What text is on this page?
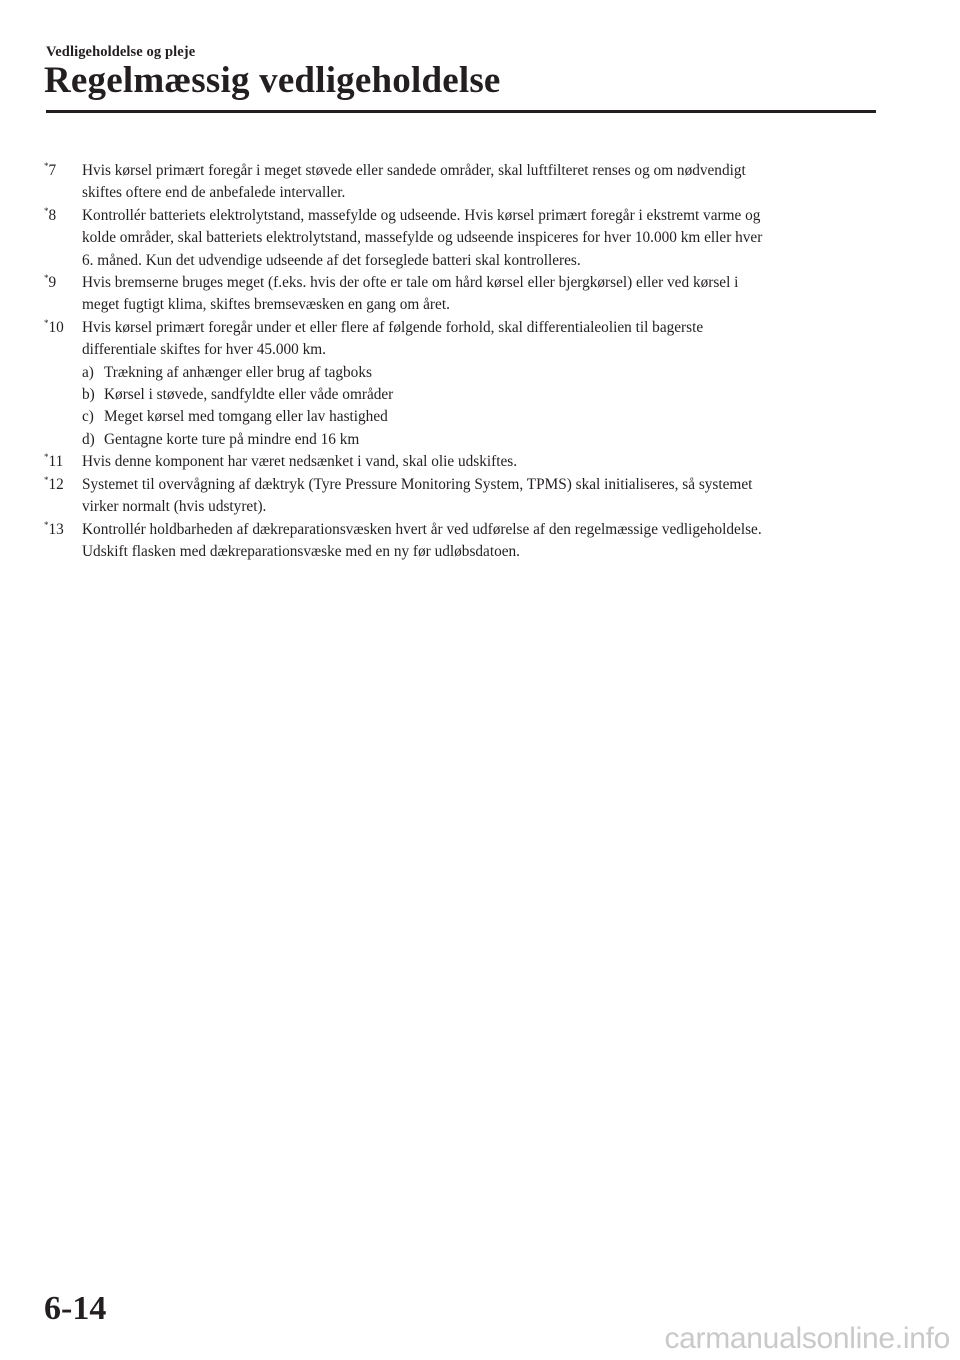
Vedligeholdelse og pleje
Regelmæssig vedligeholdelse
*7 Hvis kørsel primært foregår i meget støvede eller sandede områder, skal luftfilteret renses og om nødvendigt
skiftes oftere end de anbefalede intervaller.
*8 Kontrollér batteriets elektrolytstand, massefylde og udseende. Hvis kørsel primært foregår i ekstremt varme og
kolde områder, skal batteriets elektrolytstand, massefylde og udseende inspiceres for hver 10.000 km eller hver
6. måned. Kun det udvendige udseende af det forseglede batteri skal kontrolleres.
*9 Hvis bremserne bruges meget (f.eks. hvis der ofte er tale om hård kørsel eller bjergkørsel) eller ved kørsel i
meget fugtigt klima, skiftes bremsevæsken en gang om året.
*10 Hvis kørsel primært foregår under et eller flere af følgende forhold, skal differentialeolien til bagerste
differentiale skiftes for hver 45.000 km.
a) Trækning af anhænger eller brug af tagboks
b) Kørsel i støvede, sandfyldte eller våde områder
c) Meget kørsel med tomgang eller lav hastighed
d) Gentagne korte ture på mindre end 16 km
*11 Hvis denne komponent har været nedsænket i vand, skal olie udskiftes.
*12 Systemet til overvågning af dæktryk (Tyre Pressure Monitoring System, TPMS) skal initialiseres, så systemet
virker normalt (hvis udstyret).
*13 Kontrollér holdbarheden af dækreparationsvæsken hvert år ved udførelse af den regelmæssige vedligeholdelse.
Udskift flasken med dækreparationsvæske med en ny før udløbsdatoen.
6-14
carmanualsonline.info
